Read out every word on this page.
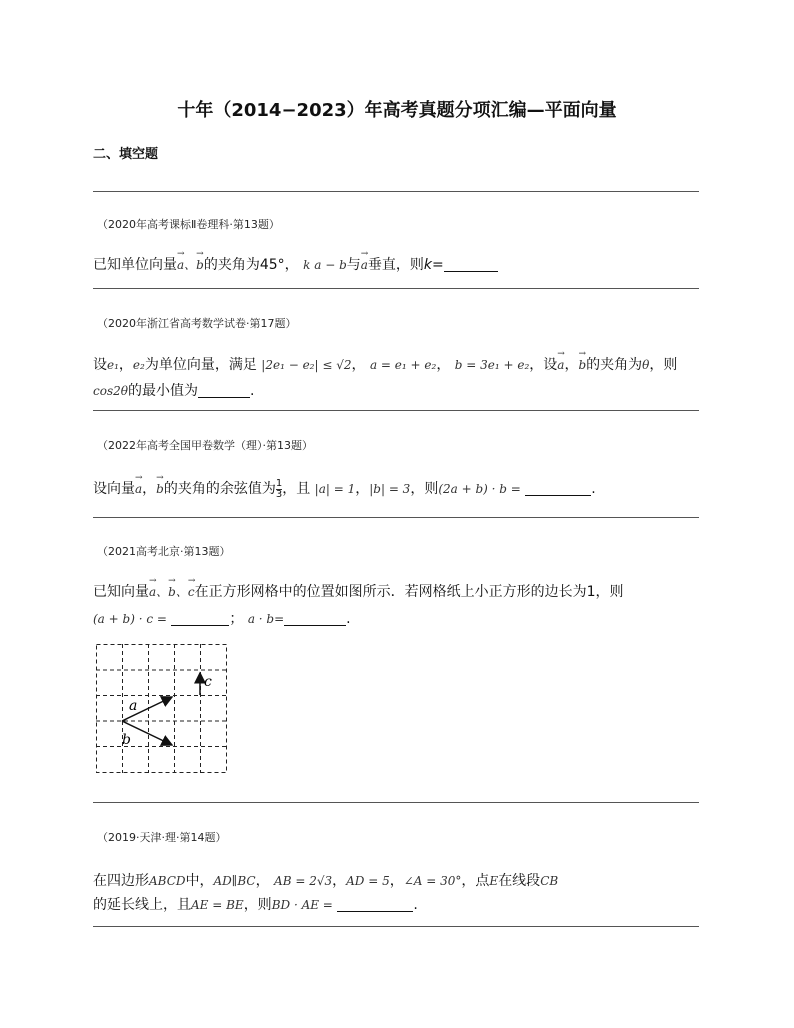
十年（2014−2023）年高考真题分项汇编—平面向量
二、填空题
（2020年高考课标Ⅱ卷理科·第13题）
已知单位向量→ a、→ b的夹角为45°， k a − b与→ a垂直，则k=
（2020年浙江省高考数学试卷·第17题）
设e₁，e₂为单位向量，满足 |2e₁ − e₂| ≤ √2， a = e₁ + e₂， b = 3e₁ + e₂，设→ a，→ b的夹角为θ，则
cos2θ的最小值为	.
（2022年高考全国甲卷数学（理）·第13题）
设向量→ a，→ b的夹角的余弦值为 $\frac{1}{3}$ ，且 |a| = 1，|b| = 3，则(2a + b) · b =	.
（2021高考北京·第13题）
已知向量→ a、→ b、→ c在正方形网格中的位置如图所示．若网格纸上小正方形的边长为1，则
(a + b) · c =	； a · b=	.
a
b
c
（2019·天津·理·第14题）
在四边形ABCD中，AD∥BC， AB = 2√3，AD = 5，∠A = 30°，点E在线段CB
的延长线上，且AE = BE，则BD · AE =	.
